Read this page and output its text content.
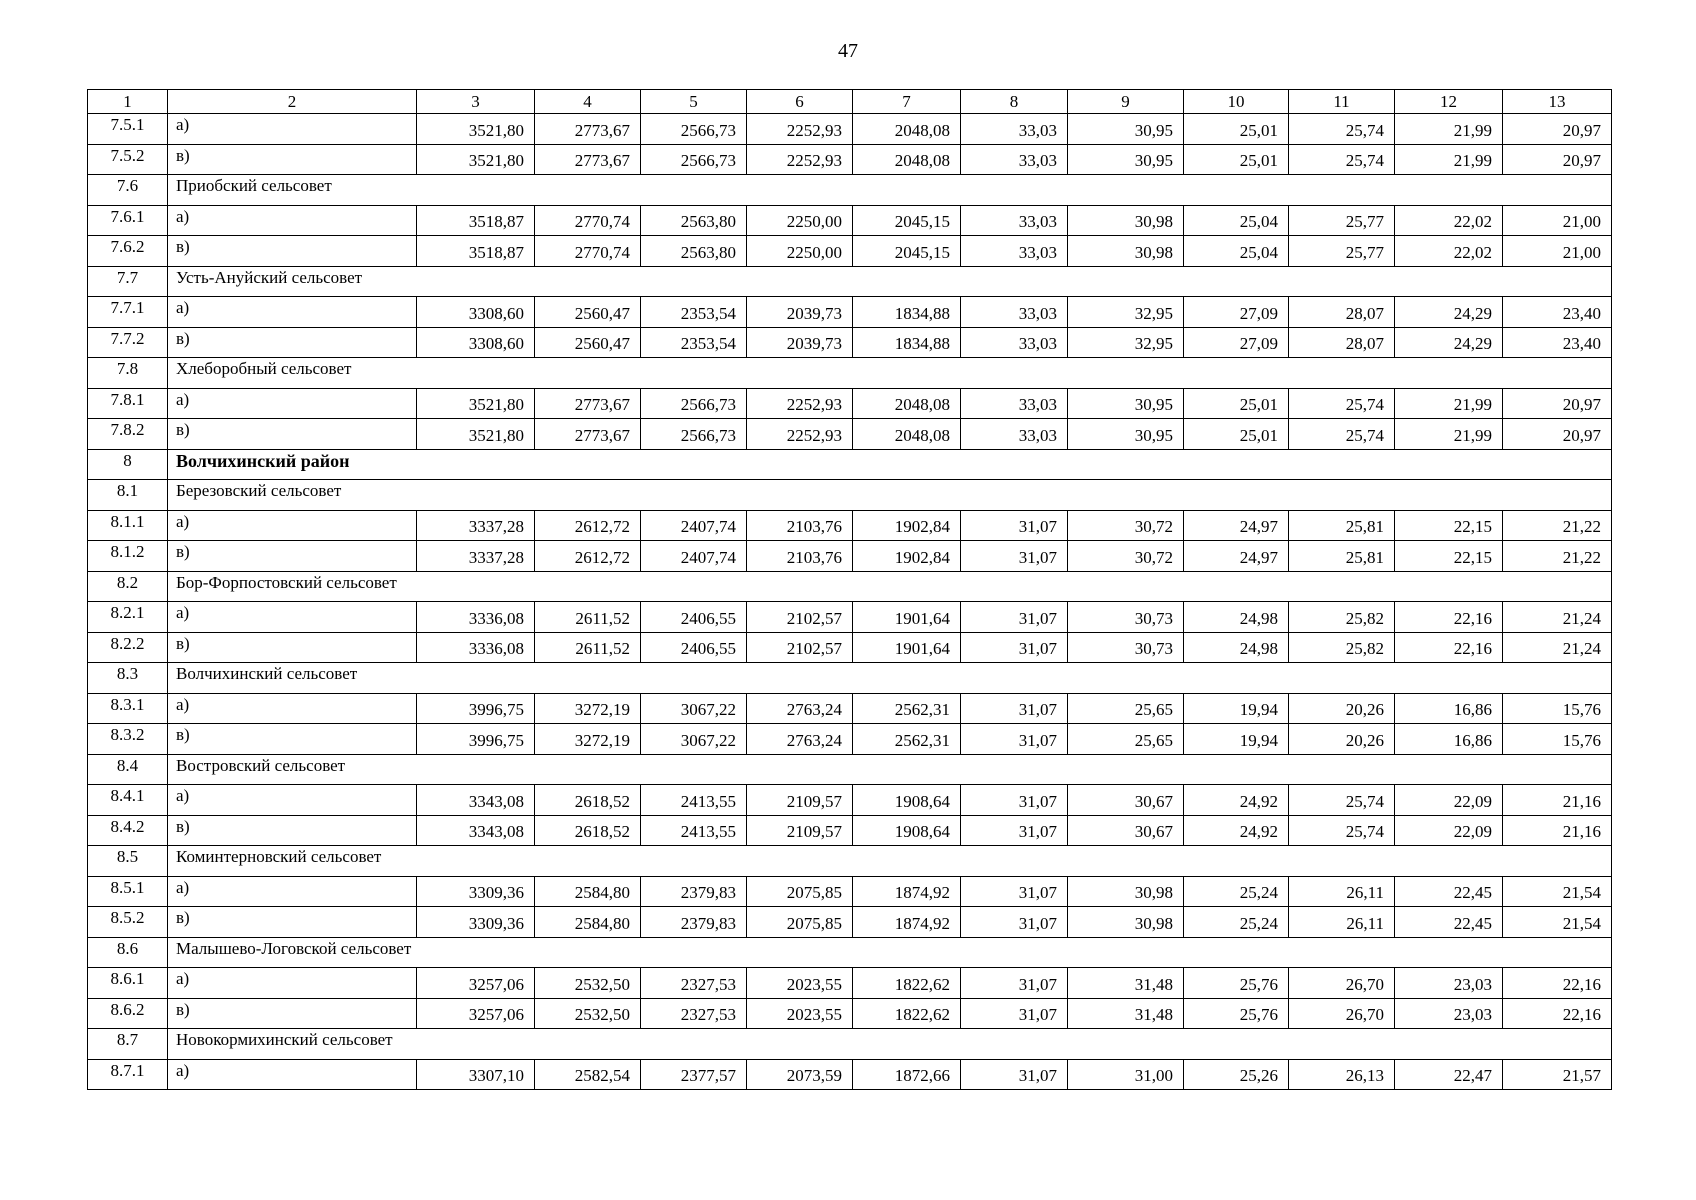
47
1	2	3	4	5	6	7	8	9	10	11	12	13
7.5.1	а)	3521,80	2773,67	2566,73	2252,93	2048,08	33,03	30,95	25,01	25,74	21,99	20,97
7.5.2	в)	3521,80	2773,67	2566,73	2252,93	2048,08	33,03	30,95	25,01	25,74	21,99	20,97
7.6	Приобский сельсовет											
7.6.1	а)	3518,87	2770,74	2563,80	2250,00	2045,15	33,03	30,98	25,04	25,77	22,02	21,00
7.6.2	в)	3518,87	2770,74	2563,80	2250,00	2045,15	33,03	30,98	25,04	25,77	22,02	21,00
7.7	Усть-Ануйский сельсовет											
7.7.1	а)	3308,60	2560,47	2353,54	2039,73	1834,88	33,03	32,95	27,09	28,07	24,29	23,40
7.7.2	в)	3308,60	2560,47	2353,54	2039,73	1834,88	33,03	32,95	27,09	28,07	24,29	23,40
7.8	Хлеборобный сельсовет											
7.8.1	а)	3521,80	2773,67	2566,73	2252,93	2048,08	33,03	30,95	25,01	25,74	21,99	20,97
7.8.2	в)	3521,80	2773,67	2566,73	2252,93	2048,08	33,03	30,95	25,01	25,74	21,99	20,97
8	Волчихинский район											
8.1	Березовский сельсовет											
8.1.1	а)	3337,28	2612,72	2407,74	2103,76	1902,84	31,07	30,72	24,97	25,81	22,15	21,22
8.1.2	в)	3337,28	2612,72	2407,74	2103,76	1902,84	31,07	30,72	24,97	25,81	22,15	21,22
8.2	Бор-Форпостовский сельсовет											
8.2.1	а)	3336,08	2611,52	2406,55	2102,57	1901,64	31,07	30,73	24,98	25,82	22,16	21,24
8.2.2	в)	3336,08	2611,52	2406,55	2102,57	1901,64	31,07	30,73	24,98	25,82	22,16	21,24
8.3	Волчихинский сельсовет											
8.3.1	а)	3996,75	3272,19	3067,22	2763,24	2562,31	31,07	25,65	19,94	20,26	16,86	15,76
8.3.2	в)	3996,75	3272,19	3067,22	2763,24	2562,31	31,07	25,65	19,94	20,26	16,86	15,76
8.4	Востровский сельсовет											
8.4.1	а)	3343,08	2618,52	2413,55	2109,57	1908,64	31,07	30,67	24,92	25,74	22,09	21,16
8.4.2	в)	3343,08	2618,52	2413,55	2109,57	1908,64	31,07	30,67	24,92	25,74	22,09	21,16
8.5	Коминтерновский сельсовет											
8.5.1	а)	3309,36	2584,80	2379,83	2075,85	1874,92	31,07	30,98	25,24	26,11	22,45	21,54
8.5.2	в)	3309,36	2584,80	2379,83	2075,85	1874,92	31,07	30,98	25,24	26,11	22,45	21,54
8.6	Малышево-Логовской сельсовет											
8.6.1	а)	3257,06	2532,50	2327,53	2023,55	1822,62	31,07	31,48	25,76	26,70	23,03	22,16
8.6.2	в)	3257,06	2532,50	2327,53	2023,55	1822,62	31,07	31,48	25,76	26,70	23,03	22,16
8.7	Новокормихинский сельсовет											
8.7.1	а)	3307,10	2582,54	2377,57	2073,59	1872,66	31,07	31,00	25,26	26,13	22,47	21,57
